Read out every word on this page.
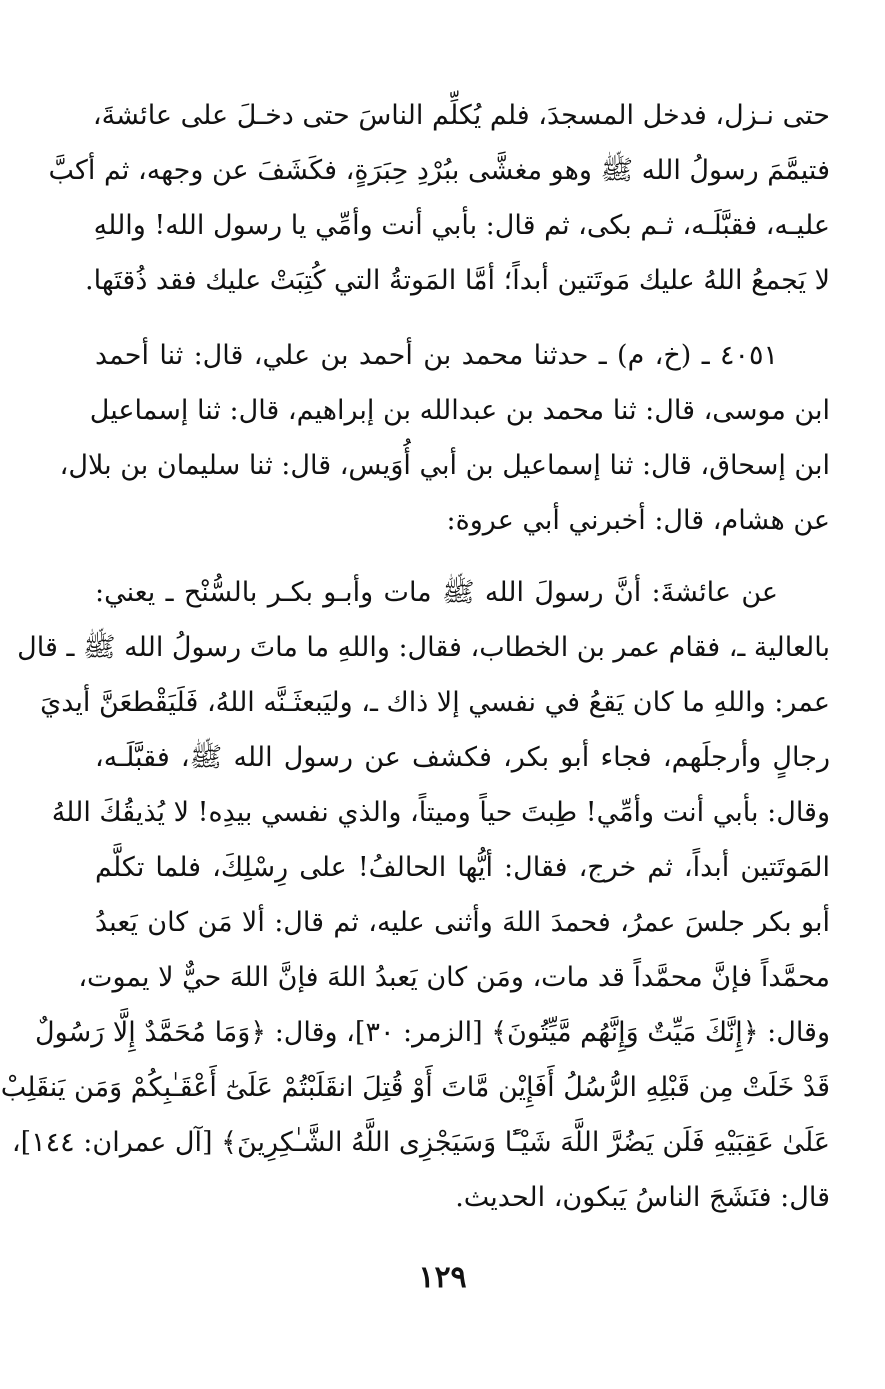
حتى نـزل، فدخل المسجدَ، فلم يُكلِّم الناسَ حتى دخـلَ على عائشةَ،
فتيمَّمَ رسولُ الله ﷺ وهو مغشَّى ببُرْدِ حِبَرَةٍ، فكَشَفَ عن وجهه، ثم أكبَّ
عليـه، فقبَّلَـه، ثـم بكى، ثم قال: بأبي أنت وأمِّي يا رسول الله! واللهِ
لا يَجمعُ اللهُ عليك مَوتَتين أبداً؛ أمَّا المَوتةُ التي كُتِبَتْ عليك فقد ذُقتَها.
٤٠٥١ ـ (خ، م) ـ حدثنا محمد بن أحمد بن علي، قال: ثنا أحمد
ابن موسى، قال: ثنا محمد بن عبدالله بن إبراهيم، قال: ثنا إسماعيل
ابن إسحاق، قال: ثنا إسماعيل بن أبي أُوَيس، قال: ثنا سليمان بن بلال،
عن هشام، قال: أخبرني أبي عروة:
عن عائشةَ: أنَّ رسولَ الله ﷺ مات وأبـو بكـر بالسُّنْح ـ يعني:
بالعالية ـ، فقام عمر بن الخطاب، فقال: واللهِ ما ماتَ رسولُ الله ﷺ ـ قال
عمر: واللهِ ما كان يَقعُ في نفسي إلا ذاك ـ، وليَبعثَـنَّه اللهُ، فَلَيَقْطعَنَّ أيديَ
رجالٍ وأرجلَهم، فجاء أبو بكر، فكشف عن رسول الله ﷺ، فقبَّلَـه،
وقال: بأبي أنت وأمِّي! طِبتَ حياً وميتاً، والذي نفسي بيدِه! لا يُذيقُكَ اللهُ
المَوتَتين أبداً، ثم خرج، فقال: أيُّها الحالفُ! على رِسْلِكَ، فلما تكلَّم
أبو بكر جلسَ عمرُ، فحمدَ اللهَ وأثنى عليه، ثم قال: ألا مَن كان يَعبدُ
محمَّداً فإنَّ محمَّداً قد مات، ومَن كان يَعبدُ اللهَ فإنَّ اللهَ حيٌّ لا يموت،
وقال: ﴿إِنَّكَ مَيِّتٌ وَإِنَّهُم مَّيِّتُونَ﴾ [الزمر: ٣٠]، وقال: ﴿وَمَا مُحَمَّدٌ إِلَّا رَسُولٌ
قَدْ خَلَتْ مِن قَبْلِهِ الرُّسُلُ أَفَإِيْن مَّاتَ أَوْ قُتِلَ انقَلَبْتُمْ عَلَىٰٓ أَعْقَـٰبِكُمْ وَمَن يَنقَلِبْ
عَلَىٰ عَقِبَيْهِ فَلَن يَضُرَّ اللَّهَ شَيْـًٔا وَسَيَجْزِى اللَّهُ الشَّـٰكِرِينَ﴾ [آل عمران: ١٤٤]،
قال: فنَشَجَ الناسُ يَبكون، الحديث.
١٢٩
